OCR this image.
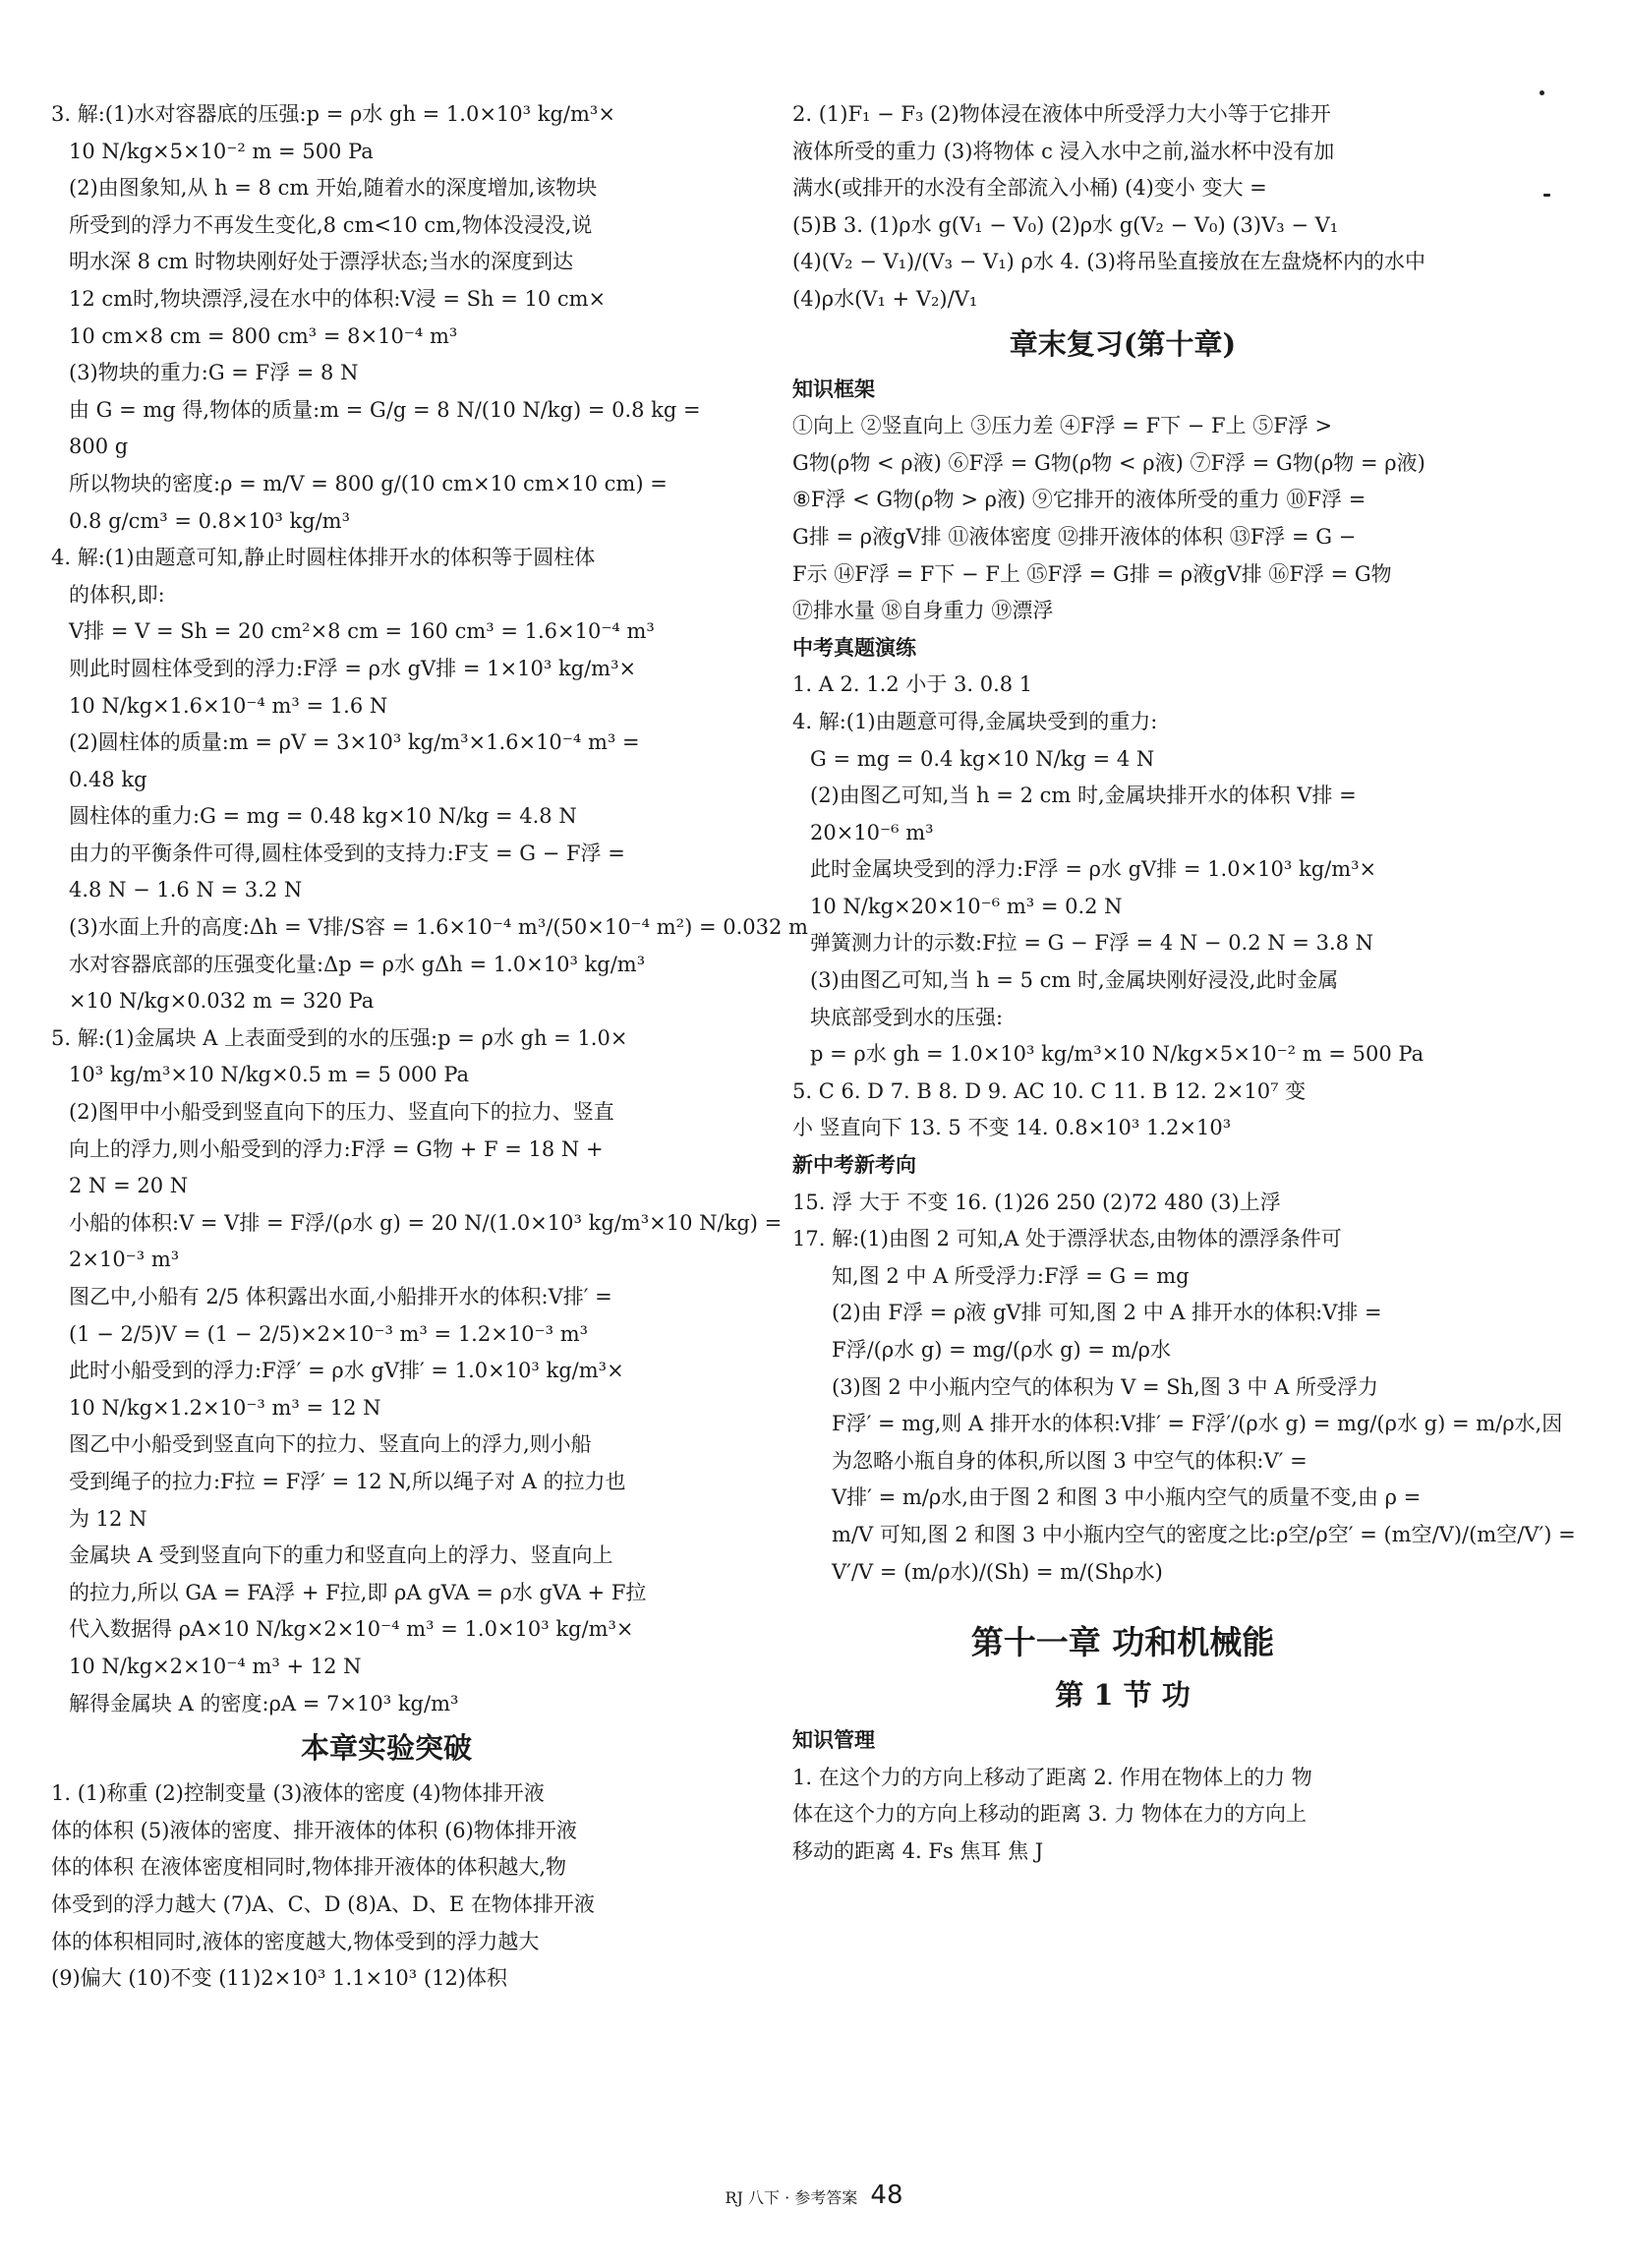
3. 解:(1)水对容器底的压强:p = ρ水 gh = 1.0×10³ kg/m³×
10 N/kg×5×10⁻² m = 500 Pa
(2)由图象知,从 h = 8 cm 开始,随着水的深度增加,该物块
所受到的浮力不再发生变化,8 cm<10 cm,物体没浸没,说
明水深 8 cm 时物块刚好处于漂浮状态;当水的深度到达
12 cm时,物块漂浮,浸在水中的体积:V浸 = Sh = 10 cm×
10 cm×8 cm = 800 cm³ = 8×10⁻⁴ m³
(3)物块的重力:G = F浮 = 8 N
由 G = mg 得,物体的质量:m = G/g = 8 N/(10 N/kg) = 0.8 kg =
800 g
所以物块的密度:ρ = m/V = 800 g/(10 cm×10 cm×10 cm) =
0.8 g/cm³ = 0.8×10³ kg/m³
4. 解:(1)由题意可知,静止时圆柱体排开水的体积等于圆柱体
的体积,即:
V排 = V = Sh = 20 cm²×8 cm = 160 cm³ = 1.6×10⁻⁴ m³
则此时圆柱体受到的浮力:F浮 = ρ水 gV排 = 1×10³ kg/m³×
10 N/kg×1.6×10⁻⁴ m³ = 1.6 N
(2)圆柱体的质量:m = ρV = 3×10³ kg/m³×1.6×10⁻⁴ m³ =
0.48 kg
圆柱体的重力:G = mg = 0.48 kg×10 N/kg = 4.8 N
由力的平衡条件可得,圆柱体受到的支持力:F支 = G − F浮 =
4.8 N − 1.6 N = 3.2 N
(3)水面上升的高度:Δh = V排/S容 = 1.6×10⁻⁴ m³/(50×10⁻⁴ m²) = 0.032 m
水对容器底部的压强变化量:Δp = ρ水 gΔh = 1.0×10³ kg/m³
×10 N/kg×0.032 m = 320 Pa
5. 解:(1)金属块 A 上表面受到的水的压强:p = ρ水 gh = 1.0×
10³ kg/m³×10 N/kg×0.5 m = 5 000 Pa
(2)图甲中小船受到竖直向下的压力、竖直向下的拉力、竖直
向上的浮力,则小船受到的浮力:F浮 = G物 + F = 18 N +
2 N = 20 N
小船的体积:V = V排 = F浮/(ρ水 g) = 20 N/(1.0×10³ kg/m³×10 N/kg) =
2×10⁻³ m³
图乙中,小船有 2/5 体积露出水面,小船排开水的体积:V排′ =
(1 − 2/5)V = (1 − 2/5)×2×10⁻³ m³ = 1.2×10⁻³ m³
此时小船受到的浮力:F浮′ = ρ水 gV排′ = 1.0×10³ kg/m³×
10 N/kg×1.2×10⁻³ m³ = 12 N
图乙中小船受到竖直向下的拉力、竖直向上的浮力,则小船
受到绳子的拉力:F拉 = F浮′ = 12 N,所以绳子对 A 的拉力也
为 12 N
金属块 A 受到竖直向下的重力和竖直向上的浮力、竖直向上
的拉力,所以 GA = FA浮 + F拉,即 ρA gVA = ρ水 gVA + F拉
代入数据得 ρA×10 N/kg×2×10⁻⁴ m³ = 1.0×10³ kg/m³×
10 N/kg×2×10⁻⁴ m³ + 12 N
解得金属块 A 的密度:ρA = 7×10³ kg/m³
本章实验突破
1. (1)称重 (2)控制变量 (3)液体的密度 (4)物体排开液
体的体积 (5)液体的密度、排开液体的体积 (6)物体排开液
体的体积 在液体密度相同时,物体排开液体的体积越大,物
体受到的浮力越大 (7)A、C、D (8)A、D、E 在物体排开液
体的体积相同时,液体的密度越大,物体受到的浮力越大
(9)偏大 (10)不变 (11)2×10³ 1.1×10³ (12)体积
2. (1)F₁ − F₃ (2)物体浸在液体中所受浮力大小等于它排开
液体所受的重力 (3)将物体 c 浸入水中之前,溢水杯中没有加
满水(或排开的水没有全部流入小桶) (4)变小 变大 =
(5)B 3. (1)ρ水 g(V₁ − V₀) (2)ρ水 g(V₂ − V₀) (3)V₃ − V₁
(4)(V₂ − V₁)/(V₃ − V₁) ρ水 4. (3)将吊坠直接放在左盘烧杯内的水中
(4)ρ水(V₁ + V₂)/V₁
章末复习(第十章)
知识框架
①向上 ②竖直向上 ③压力差 ④F浮 = F下 − F上 ⑤F浮 >
G物(ρ物 < ρ液) ⑥F浮 = G物(ρ物 < ρ液) ⑦F浮 = G物(ρ物 = ρ液)
⑧F浮 < G物(ρ物 > ρ液) ⑨它排开的液体所受的重力 ⑩F浮 =
G排 = ρ液gV排 ⑪液体密度 ⑫排开液体的体积 ⑬F浮 = G −
F示 ⑭F浮 = F下 − F上 ⑮F浮 = G排 = ρ液gV排 ⑯F浮 = G物
⑰排水量 ⑱自身重力 ⑲漂浮
中考真题演练
1. A 2. 1.2 小于 3. 0.8 1
4. 解:(1)由题意可得,金属块受到的重力:
G = mg = 0.4 kg×10 N/kg = 4 N
(2)由图乙可知,当 h = 2 cm 时,金属块排开水的体积 V排 =
20×10⁻⁶ m³
此时金属块受到的浮力:F浮 = ρ水 gV排 = 1.0×10³ kg/m³×
10 N/kg×20×10⁻⁶ m³ = 0.2 N
弹簧测力计的示数:F拉 = G − F浮 = 4 N − 0.2 N = 3.8 N
(3)由图乙可知,当 h = 5 cm 时,金属块刚好浸没,此时金属
块底部受到水的压强:
p = ρ水 gh = 1.0×10³ kg/m³×10 N/kg×5×10⁻² m = 500 Pa
5. C 6. D 7. B 8. D 9. AC 10. C 11. B 12. 2×10⁷ 变
小 竖直向下 13. 5 不变 14. 0.8×10³ 1.2×10³
新中考新考向
15. 浮 大于 不变 16. (1)26 250 (2)72 480 (3)上浮
17. 解:(1)由图 2 可知,A 处于漂浮状态,由物体的漂浮条件可
知,图 2 中 A 所受浮力:F浮 = G = mg
(2)由 F浮 = ρ液 gV排 可知,图 2 中 A 排开水的体积:V排 =
F浮/(ρ水 g) = mg/(ρ水 g) = m/ρ水
(3)图 2 中小瓶内空气的体积为 V = Sh,图 3 中 A 所受浮力
F浮′ = mg,则 A 排开水的体积:V排′ = F浮′/(ρ水 g) = mg/(ρ水 g) = m/ρ水,因
为忽略小瓶自身的体积,所以图 3 中空气的体积:V′ =
V排′ = m/ρ水,由于图 2 和图 3 中小瓶内空气的质量不变,由 ρ =
m/V 可知,图 2 和图 3 中小瓶内空气的密度之比:ρ空/ρ空′ = (m空/V)/(m空/V′) =
V′/V = (m/ρ水)/(Sh) = m/(Shρ水)
第十一章 功和机械能
第 1 节 功
知识管理
1. 在这个力的方向上移动了距离 2. 作用在物体上的力 物
体在这个力的方向上移动的距离 3. 力 物体在力的方向上
移动的距离 4. Fs 焦耳 焦 J
RJ 八下 · 参考答案 48
